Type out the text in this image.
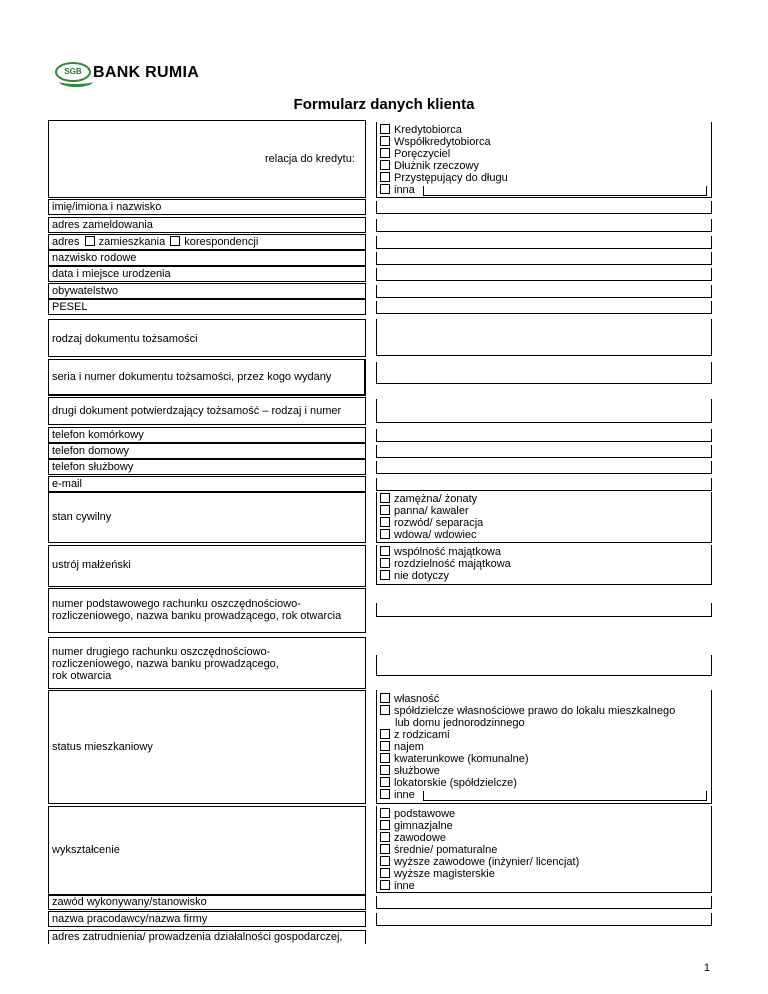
SGB BANK RUMIA
Formularz danych klienta
relacja do kredytu:
Kredytobiorca
Współkredytobiorca
Poręczyciel
Dłużnik rzeczowy
Przystępujący do długu
inna
imię/imiona i nazwisko
adres zameldowania
adres zamieszkania korespondencji
nazwisko rodowe
data i miejsce urodzenia
obywatelstwo
PESEL
rodzaj dokumentu tożsamości
seria i numer dokumentu tożsamości, przez kogo wydany
drugi dokument potwierdzający tożsamość – rodzaj i numer
telefon komórkowy
telefon domowy
telefon służbowy
e-mail
stan cywilny
zamężna/ żonaty
panna/ kawaler
rozwód/ separacja
wdowa/ wdowiec
ustrój małżeński
wspólność majątkowa
rozdzielność majątkowa
nie dotyczy
numer podstawowego rachunku oszczędnościowo-
rozliczeniowego, nazwa banku prowadzącego, rok otwarcia
numer drugiego rachunku oszczędnościowo-
rozliczeniowego, nazwa banku prowadzącego,
rok otwarcia
status mieszkaniowy
własność
spółdzielcze własnościowe prawo do lokalu mieszkalnego
lub domu jednorodzinnego
z rodzicami
najem
kwaterunkowe (komunalne)
służbowe
lokatorskie (spółdzielcze)
inne
wykształcenie
podstawowe
gimnazjalne
zawodowe
średnie/ pomaturalne
wyższe zawodowe (inżynier/ licencjat)
wyższe magisterskie
inne
zawód wykonywany/stanowisko
nazwa pracodawcy/nazwa firmy
adres zatrudnienia/ prowadzenia działalności gospodarczej,
1
